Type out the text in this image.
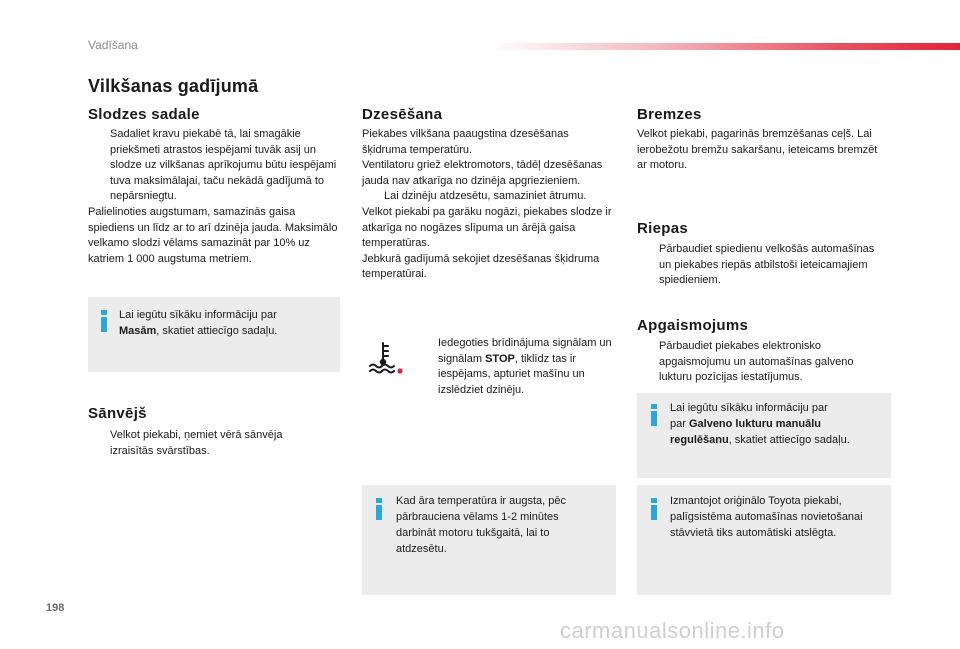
Vadīšana
Vilkšanas gadījumā
Slodzes sadale
Sadaliet kravu piekabē tā, lai smagākie priekšmeti atrastos iespējami tuvāk asij un slodze uz vilkšanas aprīkojumu būtu iespējami tuva maksimālajai, taču nekādā gadījumā to nepārsniegtu.
Palielinoties augstumam, samazinās gaisa spiediens un līdz ar to arī dzinēja jauda. Maksimālo velkamo slodzi vēlams samazināt par 10% uz katriem 1 000 augstuma metriem.
Lai iegūtu sīkāku informāciju par
Masām, skatiet attiecīgo sadaļu.
Sānvējš
Velkot piekabi, ņemiet vērā sānvēja izraisītās svārstības.
Dzesēšana
Piekabes vilkšana paaugstina dzesēšanas šķidruma temperatūru.
Ventilatoru griež elektromotors, tādēļ dzesēšanas jauda nav atkarīga no dzinēja apgriezieniem.
Lai dzinēju atdzesētu, samaziniet ātrumu.
Velkot piekabi pa garāku nogāzi, piekabes slodze ir atkarīga no nogāzes slīpuma un ārējā gaisa temperatūras.
Jebkurā gadījumā sekojiet dzesēšanas šķidruma temperatūrai.
Iedegoties brīdinājuma signālam un signālam STOP, tiklīdz tas ir iespējams, apturiet mašīnu un izslēdziet dzinēju.
Kad āra temperatūra ir augsta, pēc pārbrauciena vēlams 1-2 minūtes darbināt motoru tukšgaitā, lai to atdzesētu.
Bremzes
Velkot piekabi, pagarinās bremzēšanas ceļš. Lai ierobežotu bremžu sakaršanu, ieteicams bremzēt ar motoru.
Riepas
Pārbaudiet spiedienu velkošās automašīnas un piekabes riepās atbilstoši ieteicamajiem spiedieniem.
Apgaismojums
Pārbaudiet piekabes elektronisko apgaismojumu un automašīnas galveno lukturu pozīcijas iestatījumus.
Lai iegūtu sīkāku informāciju par
par Galveno lukturu manuālu regulēšanu, skatiet attiecīgo sadaļu.
Izmantojot oriģinālo Toyota piekabi, palīgsistēma automašīnas novietošanai stāvvietā tiks automātiski atslēgta.
198
carmanualsonline.info
